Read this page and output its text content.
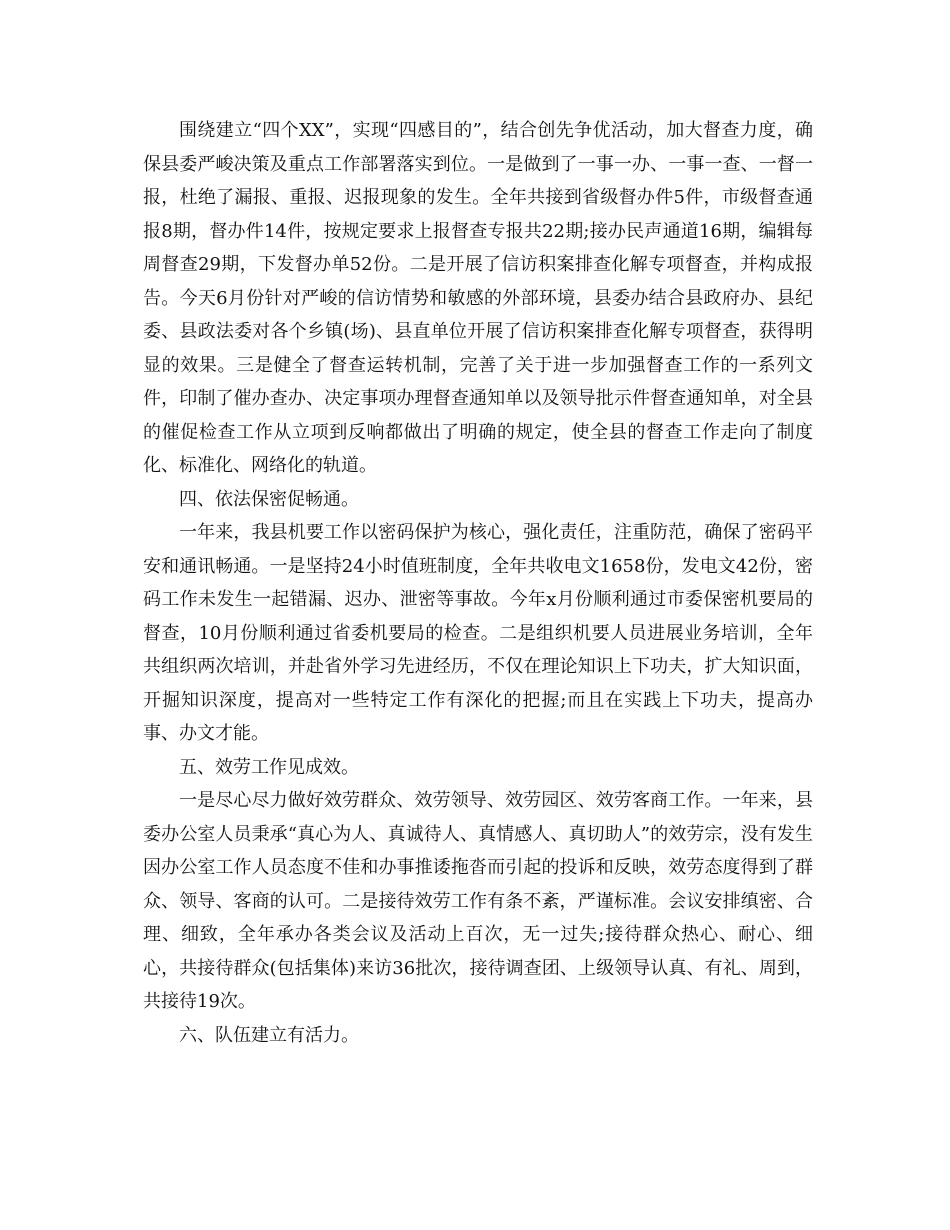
围绕建立“四个XX”，实现“四感目的”，结合创先争优活动，加大督查力度，确保县委严峻决策及重点工作部署落实到位。一是做到了一事一办、一事一查、一督一报，杜绝了漏报、重报、迟报现象的发生。全年共接到省级督办件5件，市级督查通报8期，督办件14件，按规定要求上报督查专报共22期;接办民声通道16期，编辑每周督查29期，下发督办单52份。二是开展了信访积案排查化解专项督查，并构成报告。今天6月份针对严峻的信访情势和敏感的外部环境，县委办结合县政府办、县纪委、县政法委对各个乡镇(场)、县直单位开展了信访积案排查化解专项督查，获得明显的效果。三是健全了督查运转机制，完善了关于进一步加强督查工作的一系列文件，印制了催办查办、决定事项办理督查通知单以及领导批示件督查通知单，对全县的催促检查工作从立项到反响都做出了明确的规定，使全县的督查工作走向了制度化、标准化、网络化的轨道。

四、依法保密促畅通。

一年来，我县机要工作以密码保护为核心，强化责任，注重防范，确保了密码平安和通讯畅通。一是坚持24小时值班制度，全年共收电文1658份，发电文42份，密码工作未发生一起错漏、迟办、泄密等事故。今年x月份顺利通过市委保密机要局的督查，10月份顺利通过省委机要局的检查。二是组织机要人员进展业务培训，全年共组织两次培训，并赴省外学习先进经历，不仅在理论知识上下功夫，扩大知识面，开掘知识深度，提高对一些特定工作有深化的把握;而且在实践上下功夫，提高办事、办文才能。

五、效劳工作见成效。

一是尽心尽力做好效劳群众、效劳领导、效劳园区、效劳客商工作。一年来，县委办公室人员秉承“真心为人、真诚待人、真情感人、真切助人”的效劳宗，没有发生因办公室工作人员态度不佳和办事推诿拖沓而引起的投诉和反映，效劳态度得到了群众、领导、客商的认可。二是接待效劳工作有条不紊，严谨标准。会议安排缜密、合理、细致，全年承办各类会议及活动上百次，无一过失;接待群众热心、耐心、细心，共接待群众(包括集体)来访36批次，接待调查团、上级领导认真、有礼、周到，共接待19次。

六、队伍建立有活力。
